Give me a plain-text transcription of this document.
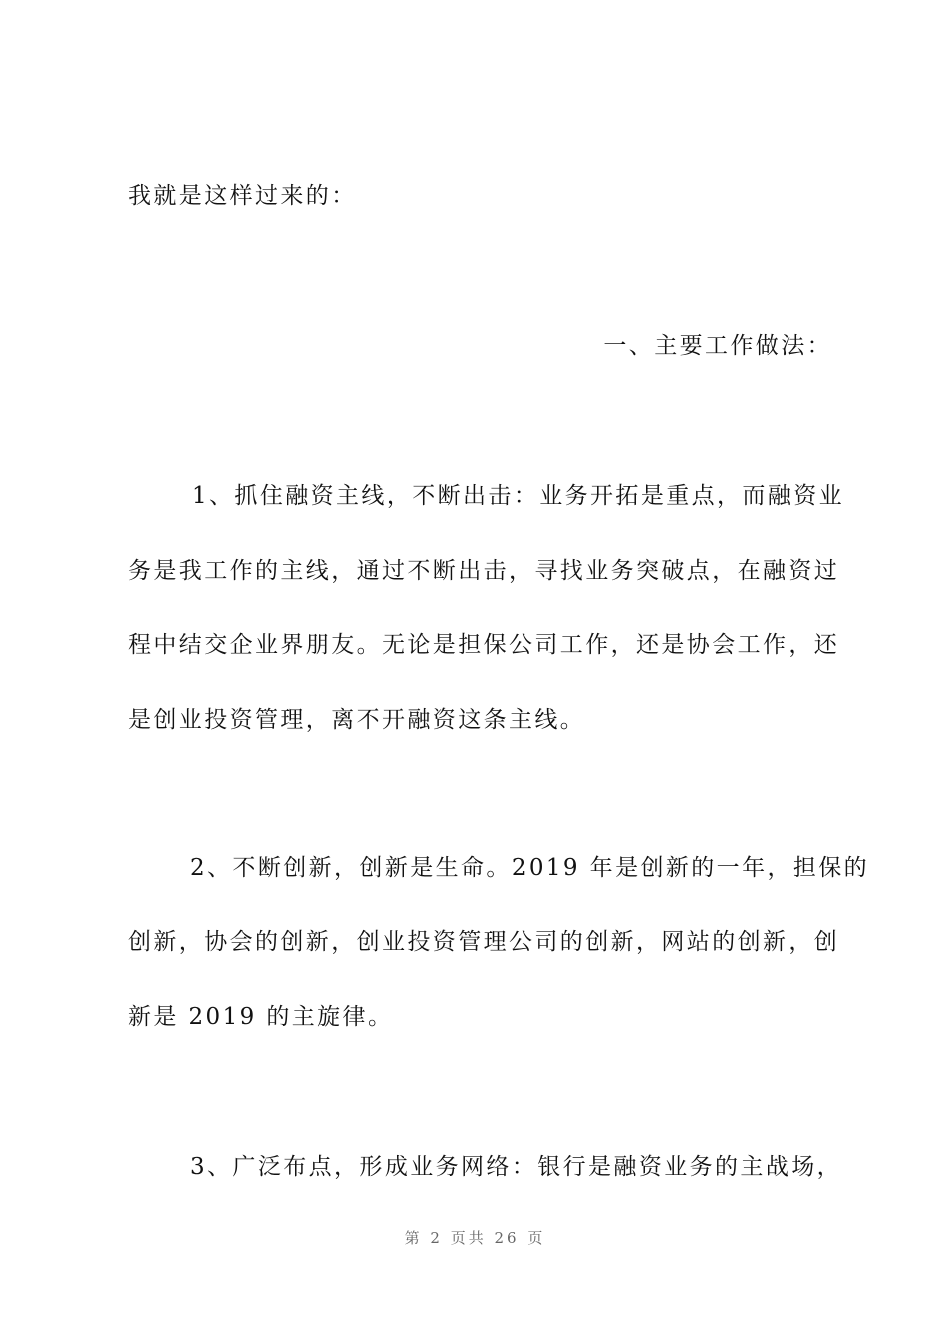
我就是这样过来的：
一、主要工作做法：
1、抓住融资主线，不断出击：业务开拓是重点，而融资业
务是我工作的主线，通过不断出击，寻找业务突破点，在融资过
程中结交企业界朋友。无论是担保公司工作，还是协会工作，还
是创业投资管理，离不开融资这条主线。
2、不断创新，创新是生命。2019 年是创新的一年，担保的
创新，协会的创新，创业投资管理公司的创新，网站的创新，创
新是 2019 的主旋律。
3、广泛布点，形成业务网络：银行是融资业务的主战场，
第 2 页共 26 页
